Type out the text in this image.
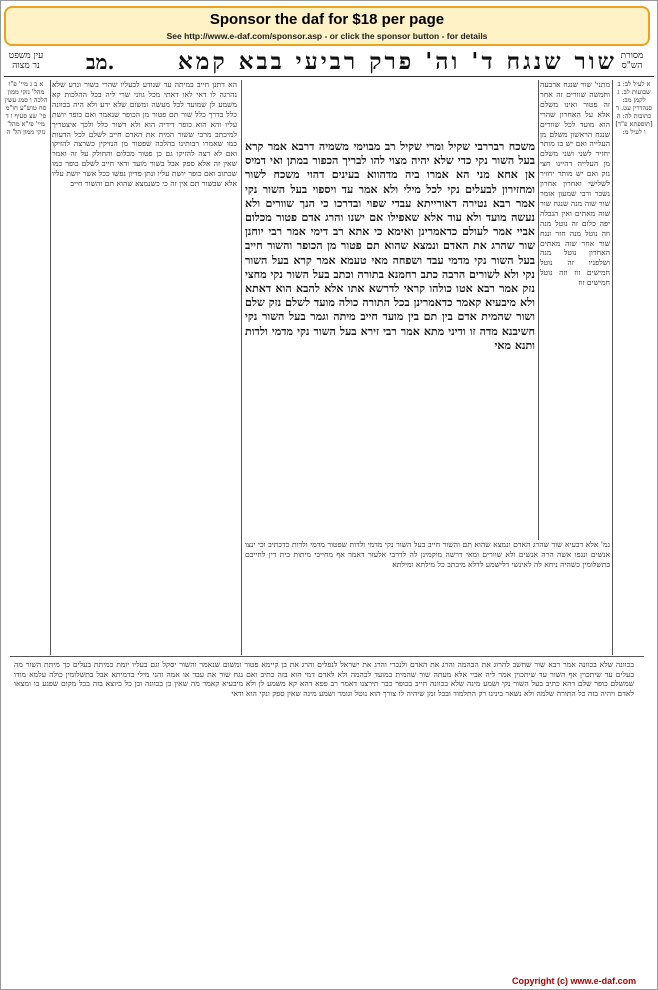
Sponsor the daf for $18 per page
See http://www.e-daf.com/sponsor.asp - or click the sponsor button - for details
עין משפט נר מצוה	מב.	שור שנגח ד' וה' פרק רביעי בבא קמא מסורת הש"ס
א ב ג מיי' פ"ו מהל' נזקי ממון הלכה ו סמג עשין סח טוש"ע חו"מ סי' שצ סעיף ו ד מיי' פי"א מהל' נזקי ממון הל' ה
הא דתנן חייב במיתה עד שנודע לבעליו שהרי בשור ונדע שלא נהרגה לו דאי לאו דאתי מכל גווני שרי ליה בכל ההלכות קא משמע לן שמועד לכל מעשה ומשום שלא ידע ולא היה בכוונה כלל בדרך כלל שור תם פטור מן הכופר שנאמר ואם כופר יושת עליו והא הוא כופר דידיה הוא ולא דשור כלל ולכך איצטריך למיכתב מרבי ששור המית את האדם חייב לשלם לכל הדעות כמו שאמרו רבותינו בהלכה שפטור מן הנזיקין כשרצה להזיקו ואם לא רצה להזיקו גם כן פטור מכלום והחולק על זה ואמר שאין זה אלא ספק אבל בשור מועד ודאי חייב לשלם כופר כמו שכתוב ואם כופר יושת עליו ונתן פדיון נפשו ככל אשר יושת עליו אלא שבשור תם אין זה כי כשנמצא שהוא תם והשור חייב
משכח רבררבי שקיל ומרי שקיל רב מבוימי משמיה דרבא אמר קרא בעל השור נקי כדי שלא יהיה מצוי להו לבריך הכפור במתן ואי דמיס אן אחא מני הא אמרו ביה מדהווא בעינים דהוי משכח לשור ומחזירון לבעלים נקי לכל מילי ולא אמר עד ויספוי בעל השור נקי אמר רבא נטירה דאורייתא עבדי שפוי ובדרכו כי הנך שוורים ולא נעשה מועד ולא עוד אלא שאפילו אם ישנו והרג אדם פטור מכלום אביי אמר לעולם כדאמרינן ואימא כי אתא רב דימי אמר רבי יוחנן שור שהרג את האדם ונמצא שהוא תם פטור מן הכופר והשור חייב בעל השור נקי מדמי עבד ושפחה מאי טעמא אמר קרא בעל השור נקי ולא לשורים הרבה כתב רחמנא בתורה וכתב בעל השור נקי מחצי נזק אמר רבא אטו כולהו קראי לדרשא אתו אלא להבא הוא דאתא ולא מיבעיא קאמר כדאמרינן בכל התורה כולה מועד לשלם נזק שלם ושור שהמית אדם בין תם בין מועד חייב מיתה וגמר בעל השור נקי חשיבנא מדה זו ודיני מתא אמר רבי זירא בעל השור נקי מדמי ולדות ותנא מאי
מתני' שור שנגח ארבעה וחמשה שוורים זה אחר זה פטור ואינו משלם אלא על האחרון שהרי הוא מועד לכל שוורים שנגח הראשון משלם מן העלייה ואם יש בו מותר יחזיר לשני ושני משלם מן העלייה דהיינו חצי נזק ואם יש מותר יחזיר לשלישי ואחרון אחרון נשכר ורבי שמעון אומר שור שוה מנה שנגח שור שוה מאתים ואין הנבלה יפה כלום זה נוטל מנה וזה נוטל מנה חזר ונגח שור אחר שוה מאתים האחרון נוטל מנה ושלפניו זה נוטל חמישים זוז וזה נוטל חמישים זוז
גמ' אלא דבעיא שור שהרג האדם ונמצא שהוא תם והשור חייב בעל השור נקי מדמי ולדות שפטור מדמי ולדות כדכתיב וכי ינצו אנשים ונגפו אשה הרה אנשים ולא שוורים ומאי דרשה מוקמינן לה לדרבי אלעזר דאמר אף מחייבי מיתות בית דין לחייבם בתשלומין כשהיה ניחא לה לאינשי דלישמע לדלא מיכתב כל מילתא ומילתא
א לעיל לב: ב שבועות לב. ג לקמן מב: סנהדרין עט. ד כתובות לה: ה [תוספתא פ"ד] ו לעיל מ:
בכוונה שלא בכוונה אמר רבא שור שחשב להרוג את הבהמה והרג את האדם ולנכרי והרג את ישראל לנפלים והרג את בן קיימא פטור ומשום שנאמר והשור יסקל וגם בעליו יומת כמיתת בעלים כך מיתת השור מה בעלים עד שיתכוין אף השור עד שיתכוין אמר ליה אביי אלא מעתה שור שהמית במועד לבהמה ולא לאדם דמי הוא בזה כתיב ואם נגח שור את עבד או אמה והני מילי בדמיתא אבל בתשלומין כולה עלמא מודו שמשלם כופר שלם דהא כתיב בעל השור נקי ושמע מינה שלא בכוונה חייב בכופר כבר תירצנו דאמר רב פפא דהא קא משמע לן ולא מיבעיא קאמר מה שאין כן בכוונה וכן כל כיוצא בזה בכל מקום שפגע בו ומצאו לאדם ויהיה בזה כל התורה שלמה ולא נשאר בינינו רק התלמוד ובכל זמן שיהיה לו צורך הוא נוטל וגומר ושמע מינה שאין ספק ונקי הוא ודאי
Copyright (c) www.e-daf.com
